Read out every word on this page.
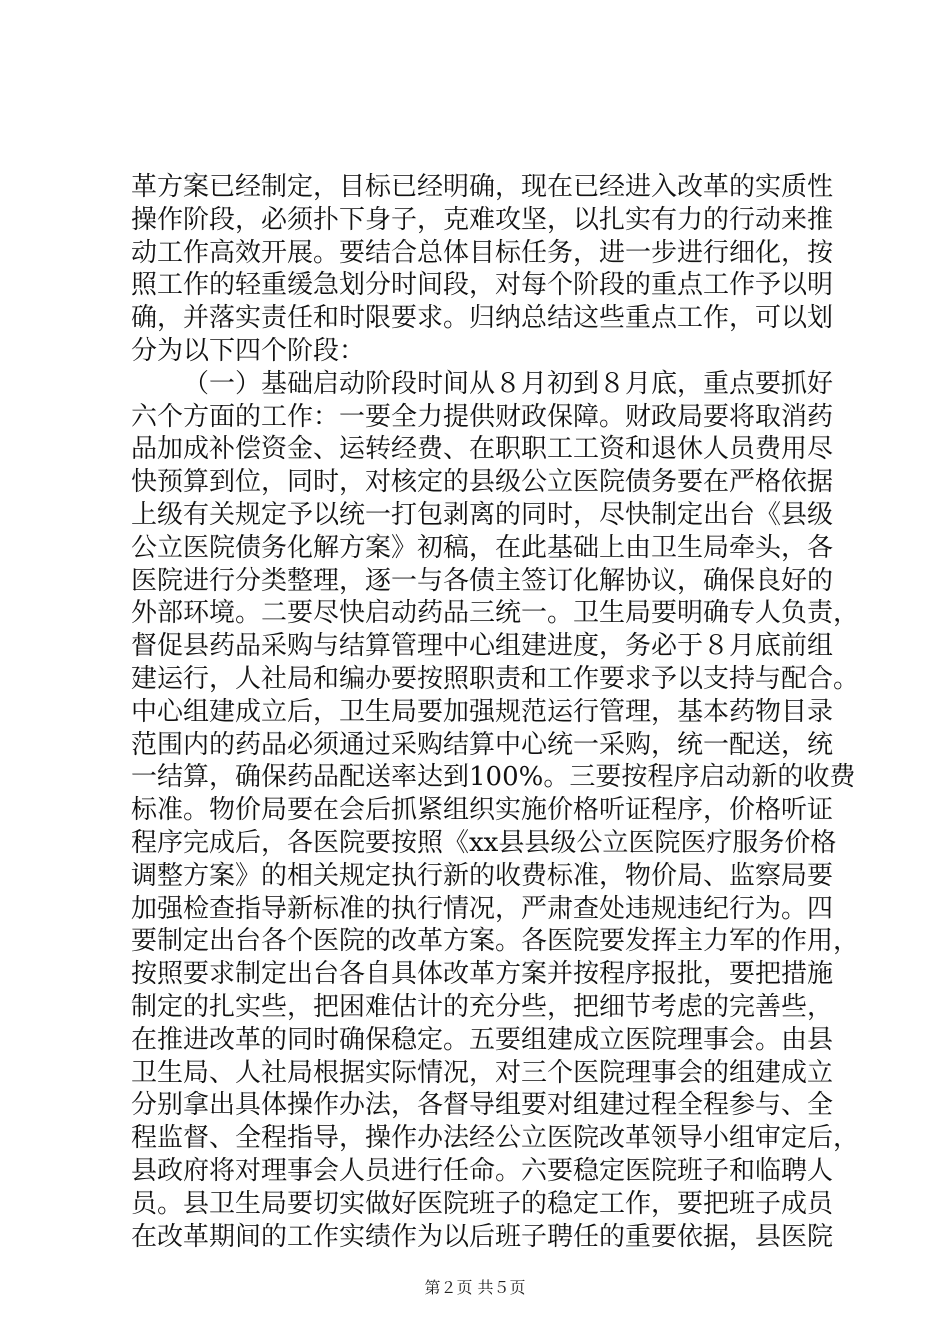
革方案已经制定，目标已经明确，现在已经进入改革的实质性
操作阶段，必须扑下身子，克难攻坚，以扎实有力的行动来推
动工作高效开展。要结合总体目标任务，进一步进行细化，按
照工作的轻重缓急划分时间段，对每个阶段的重点工作予以明
确，并落实责任和时限要求。归纳总结这些重点工作，可以划
分为以下四个阶段：
（一）基础启动阶段时间从８月初到８月底，重点要抓好
六个方面的工作：一要全力提供财政保障。财政局要将取消药
品加成补偿资金、运转经费、在职职工工资和退休人员费用尽
快预算到位，同时，对核定的县级公立医院债务要在严格依据
上级有关规定予以统一打包剥离的同时，尽快制定出台《县级
公立医院债务化解方案》初稿，在此基础上由卫生局牵头，各
医院进行分类整理，逐一与各债主签订化解协议，确保良好的
外部环境。二要尽快启动药品三统一。卫生局要明确专人负责，
督促县药品采购与结算管理中心组建进度，务必于８月底前组
建运行，人社局和编办要按照职责和工作要求予以支持与配合。
中心组建成立后，卫生局要加强规范运行管理，基本药物目录
范围内的药品必须通过采购结算中心统一采购，统一配送，统
一结算，确保药品配送率达到100%。三要按程序启动新的收费
标准。物价局要在会后抓紧组织实施价格听证程序，价格听证
程序完成后，各医院要按照《xx县县级公立医院医疗服务价格
调整方案》的相关规定执行新的收费标准，物价局、监察局要
加强检查指导新标准的执行情况，严肃查处违规违纪行为。四
要制定出台各个医院的改革方案。各医院要发挥主力军的作用，
按照要求制定出台各自具体改革方案并按程序报批，要把措施
制定的扎实些，把困难估计的充分些，把细节考虑的完善些，
在推进改革的同时确保稳定。五要组建成立医院理事会。由县
卫生局、人社局根据实际情况，对三个医院理事会的组建成立
分别拿出具体操作办法，各督导组要对组建过程全程参与、全
程监督、全程指导，操作办法经公立医院改革领导小组审定后，
县政府将对理事会人员进行任命。六要稳定医院班子和临聘人
员。县卫生局要切实做好医院班子的稳定工作，要把班子成员
在改革期间的工作实绩作为以后班子聘任的重要依据，县医院
第２页 共５页
